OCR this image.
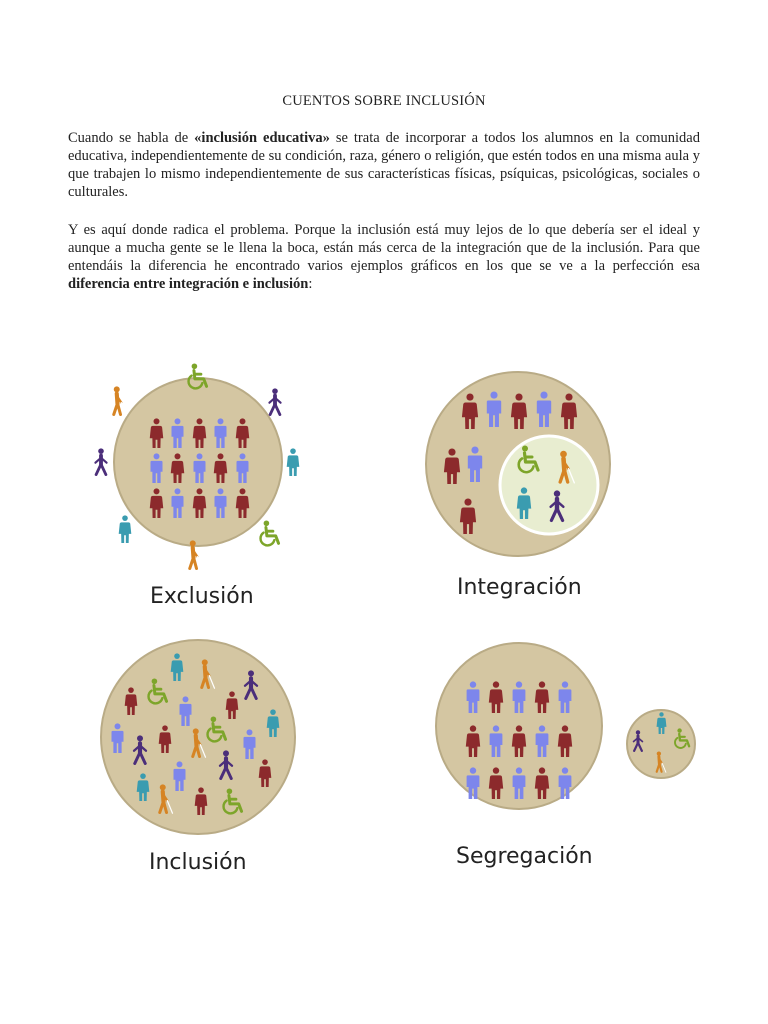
CUENTOS SOBRE INCLUSIÓN

Cuando se habla de «inclusión educativa» se trata de incorporar a todos los alumnos en la comunidad educativa, independientemente de su condición, raza, género o religión, que estén todos en una misma aula y que trabajen lo mismo independientemente de sus características físicas, psíquicas, psicológicas, sociales o culturales.

Y es aquí donde radica el problema. Porque la inclusión está muy lejos de lo que debería ser el ideal y aunque a mucha gente se le llena la boca, están más cerca de la integración que de la inclusión. Para que entendáis la diferencia he encontrado varios ejemplos gráficos en los que se ve a la perfección esa diferencia entre integración e inclusión:

Exclusión	Integración
Inclusión	Segregación
